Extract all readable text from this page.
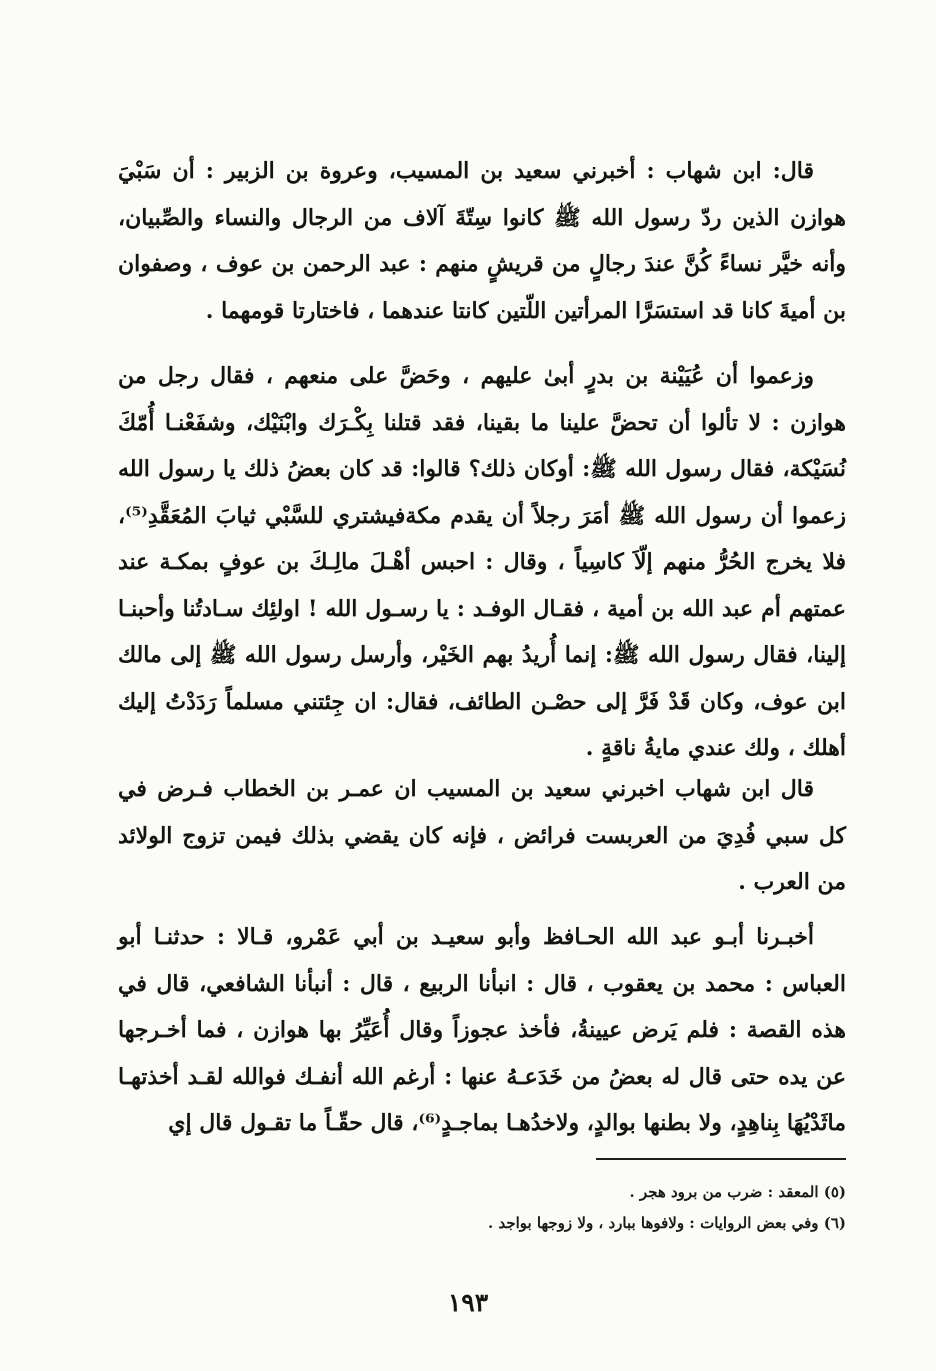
قال: ابن شهاب : أخبرني سعيد بن المسيب، وعروة بن الزبير : أن سَبْيَ هوازن الذين ردّ رسول الله ﷺ كانوا سِتّةَ آلاف من الرجال والنساء والصِّبيان، وأنه خيَّر نساءً كُنَّ عندَ رجالٍ من قريشٍ منهم : عبد الرحمن بن عوف ، وصفوان بن أميةَ كانا قد استسَرَّا المرأتين اللّتين كانتا عندهما ، فاختارتا قومهما .

وزعموا أن عُيَيْنة بن بدرٍ أبىٰ عليهم ، وحَضَّ على منعهم ، فقال رجل من هوازن : لا تألوا أن تحضَّ علينا ما بقينا، فقد قتلنا بِكْـرَك وابْنَيْك، وشفَعْنـا أُمّكَ نُسَيْكة، فقال رسول الله ﷺ: أوكان ذلك؟ قالوا: قد كان بعضُ ذلك يا رسول الله زعموا أن رسول الله ﷺ أمَرَ رجلاً أن يقدم مكةفيشتري للسَّبْي ثيابَ المُعَقَّدِ⁽⁵⁾، فلا يخرج الحُرُّ منهم إلّاَ كاسِياً ، وقال : احبس أهْـلَ مالِـكَ بن عوفٍ بمكـة عند عمتهم أم عبد الله بن أمية ، فقـال الوفـد : يا رسـول الله ! اولئِك سـادتُنا وأحبنـا إلينا، فقال رسول الله ﷺ: إنما أُريدُ بهم الخَيْر، وأرسل رسول الله ﷺ إلى مالك ابن عوف، وكان قَدْ فَرَّ إلى حصْـن الطائف، فقال: ان جِئتني مسلماً رَدَدْتُ إليك أهلك ، ولك عندي مايةُ ناقةٍ .

قال ابن شهاب اخبرني سعيد بن المسيب ان عمـر بن الخطاب فـرض في كل سبي فُدِيَ من العربست فرائض ، فإنه كان يقضي بذلك فيمن تزوج الولائد من العرب .

أخبـرنا أبـو عبد الله الحـافظ وأبو سعيـد بن أبي عَمْرو، قـالا : حدثنـا أبو العباس : محمد بن يعقوب ، قال : انبأنا الربيع ، قال : أنبأنا الشافعي، قال في هذه القصة : فلم يَرض عيينةُ، فأخذ عجوزاً وقال أُعَيِّرُ بها هوازن ، فما أخـرجها عن يده حتى قال له بعضُ من خَدَعـهُ عنها : أرغم الله أنفـك فوالله لقـد أخذتهـا ماثَدْيُهَا بِناهِدٍ، ولا بطنها بوالدٍ، ولاخدُهـا بماجـدٍ⁽⁶⁾، قال حقّـاً ما تقـول قال إي

(٥) المعقد : ضرب من برود هجر .

(٦) وفي بعض الروايات : ولافوها ببارد ، ولا زوجها بواجد .

١٩٣
